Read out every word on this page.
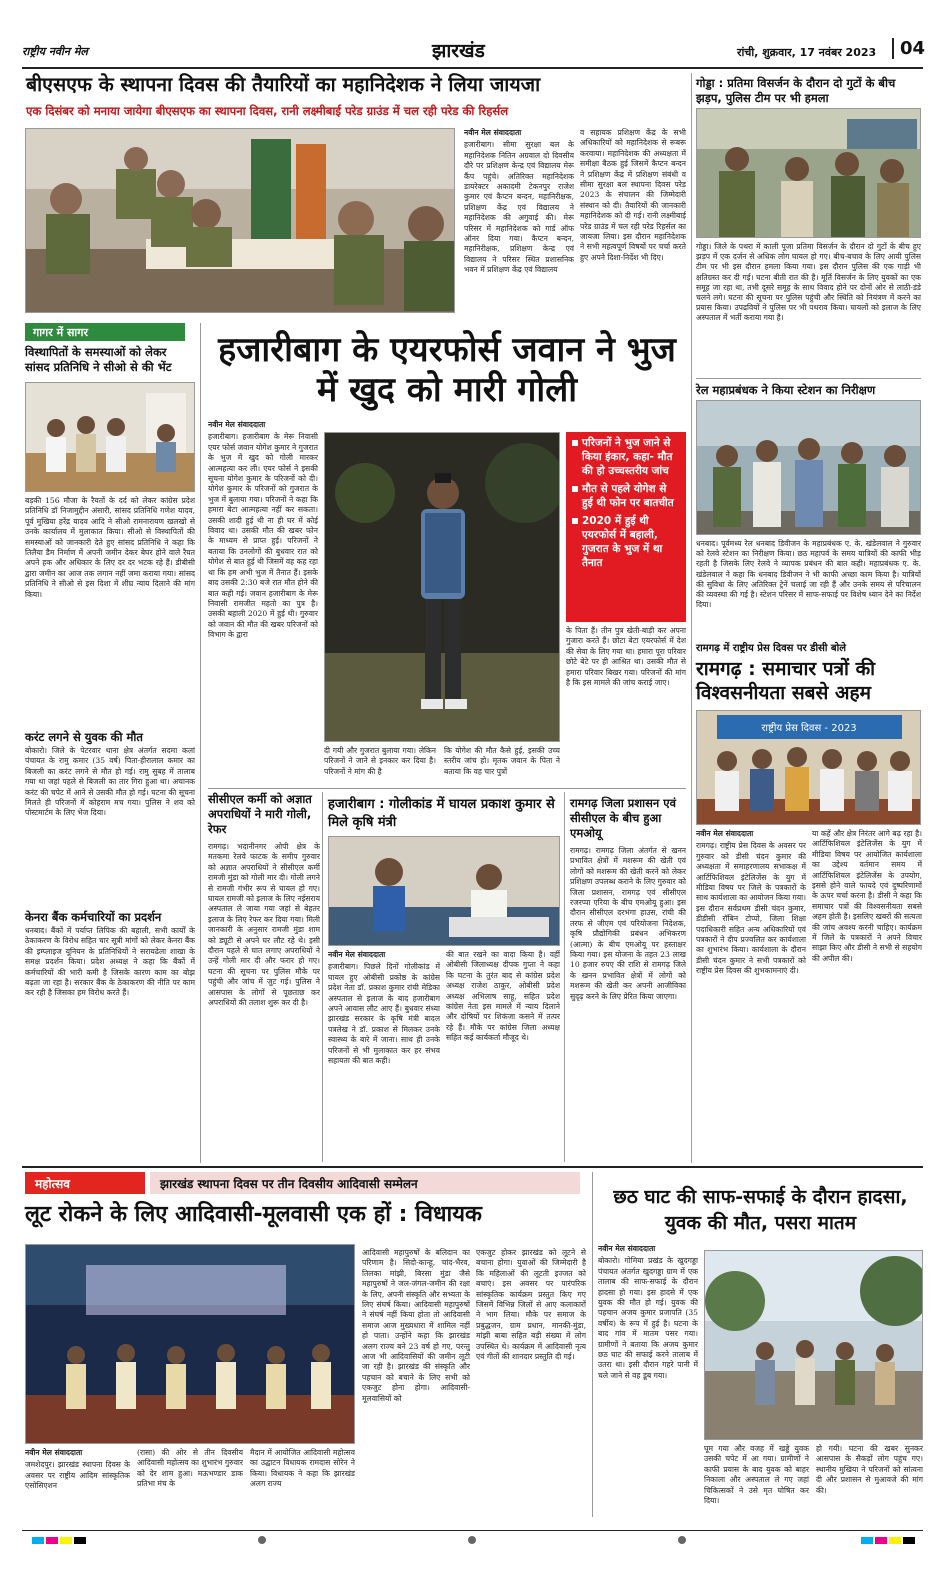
राष्ट्रीय नवीन मेल	झारखंड	रांची, शुक्रवार, 17 नवंबर 2023	04
बीएसएफ के स्थापना दिवस की तैयारियों का महानिदेशक ने लिया जायजा
एक दिसंबर को मनाया जायेगा बीएसएफ का स्थापना दिवस, रानी लक्ष्मीबाई परेड ग्राउंड में चल रही परेड की रिहर्सल

नवीन मेल संवाददाता

हजारीबाग। सीमा सुरक्षा बल के महानिदेशक नितिन अग्रवाल दो दिवसीय दौरे पर प्रशिक्षण केन्द्र एवं विद्यालय मेरू कैंप पहुंचे। अतिरिक्त महानिदेशक डायरेक्टर अकादमी टेकनपुर राजेश कुमार एवं कैप्टन बन्दन, महानिरीक्षक, प्रशिक्षण केंद्र एवं विद्यालय ने महानिदेशक की अगुवाई की। मेरू परिसर में महानिदेशक को गार्ड ऑफ ऑनर दिया गया। कैप्टन बन्दन, महानिरीक्षक, प्रशिक्षण केन्द्र एवं विद्यालय ने परिसर स्थित प्रशासनिक भवन में प्रशिक्षण केंद्र एवं विद्यालय

व सहायक प्रशिक्षण केंद्र के सभी अधिकारियों को महानिदेशक से रूबरू करवाया। महानिदेशक की अध्यक्षता में समीक्षा बैठक हुई जिसमें कैप्टन बन्दन ने प्रशिक्षण केंद्र में प्रशिक्षण संबंधी व सीमा सुरक्षा बल स्थापना दिवस परेड 2023 के संचालन की जिम्मेदारी संस्थान को दी। तैयारियों की जानकारी महानिदेशक को दी गई। रानी लक्ष्मीबाई परेड ग्राउंड में चल रही परेड रिहर्सल का जायजा लिया। इस दौरान महानिदेशक ने सभी महत्वपूर्ण विषयों पर चर्चा करते हुए अपने दिशा-निर्देश भी दिए।

गोड्डा : प्रतिमा विसर्जन के दौरान दो गुटों के बीच झड़प, पुलिस टीम पर भी हमला
गोड्डा। जिले के पथरा में काली पूजा प्रतिमा विसर्जन के दौरान दो गुटों के बीच हुए झड़प में एक दर्जन से अधिक लोग घायल हो गए। बीच-बचाव के लिए आयी पुलिस टीम पर भी इस दौरान हमला किया गया। इस दौरान पुलिस की एक गाड़ी भी क्षतिग्रस्त कर दी गई। घटना बीती रात की है। मूर्ति विसर्जन के लिए युवकों का एक समूह जा रहा था, तभी दूसरे समूह के साथ विवाद होने पर दोनों ओर से लाठी-डंडे चलने लगे। घटना की सूचना पर पुलिस पहुंची और स्थिति को नियंत्रण में करने का प्रयास किया। उपद्रवियों ने पुलिस पर भी पथराव किया। घायलों को इलाज के लिए अस्पताल में भर्ती कराया गया है।
रेल महाप्रबंधक ने किया स्टेशन का निरीक्षण
धनबाद। पूर्वमध्य रेल धनबाद डिवीजन के महाप्रबंधक ए. के. खंडेलवाल ने गुरुवार को रेलवे स्टेशन का निरीक्षण किया। छठ महापर्व के समय यात्रियों की काफी भीड़ रहती है जिसके लिए रेलवे ने व्यापक प्रबंधन की बात कही। महाप्रबंधक ए. के. खंडेलवाल ने कहा कि धनबाद डिवीजन ने भी काफी अच्छा काम किया है। यात्रियों की सुविधा के लिए अतिरिक्त ट्रेनें चलाई जा रही हैं और उनके समय से परिचालन की व्यवस्था की गई है। स्टेशन परिसर में साफ-सफाई पर विशेष ध्यान देने का निर्देश दिया।
रामगढ़ में राष्ट्रीय प्रेस दिवस पर डीसी बोले
रामगढ़ : समाचार पत्रों की विश्वसनीयता सबसे अहम
राष्ट्रीय प्रेस दिवस - 2023

नवीन मेल संवाददाता

रामगढ़। राष्ट्रीय प्रेस दिवस के अवसर पर गुरुवार को डीसी चंदन कुमार की अध्यक्षता में समाहरणालय सभाकक्ष में आर्टिफिशियल इंटेलिजेंस के युग में मीडिया विषय पर जिले के पत्रकारों के साथ कार्यशाला का आयोजन किया गया। इस दौरान सर्वप्रथम डीसी चंदन कुमार, डीडीसी रॉबिन टोप्पो, जिला शिक्षा पदाधिकारी सहित अन्य अधिकारियों एवं पत्रकारों ने दीप प्रज्वलित कर कार्यशाला का शुभारंभ किया। कार्यशाला के दौरान डीसी चंदन कुमार ने सभी पत्रकारों को राष्ट्रीय प्रेस दिवस की शुभकामनाएं दी।

या कहें और क्षेत्र निरंतर आगे बढ़ रहा है। आर्टिफिशियल इंटेलिजेंस के युग में मीडिया विषय पर आयोजित कार्यशाला का उद्देश्य वर्तमान समय में आर्टिफिशियल इंटेलिजेंस के उपयोग, इससे होने वाले फायदे एवं दुष्परिणामों के ऊपर चर्चा करना है। डीसी ने कहा कि समाचार पत्रों की विश्वसनीयता सबसे अहम होती है। इसलिए खबरों की सत्यता की जांच अवश्य करनी चाहिए। कार्यक्रम में जिले के पत्रकारों ने अपने विचार साझा किए और डीसी ने सभी से सहयोग की अपील की।

गागर में सागर
विस्थापितों के समस्याओं को लेकर सांसद प्रतिनिधि ने सीओ से की भेंट
बड़की 156 मौजा के रैयतों के दर्द को लेकर कांग्रेस प्रदेश प्रतिनिधि डॉ निजामुद्दीन अंसारी, सांसद प्रतिनिधि गणेश यादव, पूर्व मुखिया हरेंद्र यादव आदि ने सीओ रामनारायण खलखो से उनके कार्यालय में मुलाकात किया। सीओ से विस्थापितों की समस्याओं को जानकारी देते हुए सांसद प्रतिनिधि ने कहा कि तिलैया डैम निर्माण में अपनी जमीन देकर बेघर होने वाले रैयत अपने हक और अधिकार के लिए दर दर भटक रहे हैं। डीबीसी द्वारा जमीन का आज तक लगान नहीं जमा कराया गया। सांसद प्रतिनिधि ने सीओ से इस दिशा में शीघ्र न्याय दिलाने की मांग किया।
करंट लगने से युवक की मौत
बोकारो। जिले के पेटरवार थाना क्षेत्र अंतर्गत सदमा कलां पंचायत के रामु कमार (35 वर्ष) पिता-हीरालाल कमार का बिजली का करंट लगने से मौत हो गई। रामु सुबह में तालाब गया था जहां पहले से बिजली का तार गिरा हुआ था। अचानक करंट की चपेट में आने से उसकी मौत हो गई। घटना की सूचना मिलते ही परिजनों में कोहराम मच गया। पुलिस ने शव को पोस्टमार्टम के लिए भेज दिया।
केनरा बैंक कर्मचारियों का प्रदर्शन
धनबाद। बैंकों में पर्याप्त लिपिक की बहाली, सभी कार्यों के ठेकाकरण के विरोध सहित चार सूत्री मांगों को लेकर केनरा बैंक की इम्प्लाइज यूनियन के प्रतिनिधियों ने सरायढेला शाखा के समक्ष प्रदर्शन किया। प्रदेश अध्यक्ष ने कहा कि बैंकों में कर्मचारियों की भारी कमी है जिसके कारण काम का बोझ बढ़ता जा रहा है। सरकार बैंक के ठेकाकरण की नीति पर काम कर रही है जिसका हम विरोध करते हैं।
हजारीबाग के एयरफोर्स जवान ने भुज में खुद को मारी गोली

नवीन मेल संवाददाता

हजारीबाग। हजारीबाग के मेरू निवासी एयर फोर्स जवान योगेश कुमार ने गुजरात के भुज में खुद को गोली मारकर आत्महत्या कर ली। एयर फोर्स ने इसकी सूचना योगेश कुमार के परिजनों को दी। योगेश कुमार के परिजनों को गुजरात के भुज में बुलाया गया। परिजनों ने कहा कि हमारा बेटा आत्महत्या नहीं कर सकता। उसकी शादी हुई थी ना ही घर में कोई विवाद था। उसकी मौत की खबर फोन के माध्यम से प्राप्त हुई। परिजनों ने बताया कि उनलोगों की बुधवार रात को योगेश से बात हुई थी जिसमें वह कह रहा था कि हम अभी भुज में तैनात हैं। इसके बाद उसकी 2:30 बजे रात मौत होने की बात कही गई। जवान हजारीबाग के मेरू निवासी रामजीत महतो का पुत्र है। उसकी बहाली 2020 में हुई थी। गुरुवार को जवान की मौत की खबर परिजनों को विभाग के द्वारा

परिजनों ने भुज जाने से किया इंकार, कहा- मौत की हो उच्चस्तरीय जांच
मौत से पहले योगेश से हुई थी फोन पर बातचीत
2020 में हुई थी एयरफोर्स में बहाली, गुजरात के भुज में था तैनात
दी गयी और गुजरात बुलाया गया। लेकिन परिजनों ने जाने से इनकार कर दिया है। परिजनों ने मांग की है
कि योगेश की मौत कैसे हुई, इसकी उच्च स्तरीय जांच हो। मृतक जवान के पिता ने बताया कि वह चार पुत्रों
के पिता हैं। तीन पुत्र खेती-बाड़ी कर अपना गुजारा करते हैं। छोटा बेटा एयरफोर्स में देश की सेवा के लिए गया था। हमारा पूरा परिवार छोटे बेटे पर ही आश्रित था। उसकी मौत से हमारा परिवार बिखर गया। परिजनों की मांग है कि इस मामले की जांच कराई जाए।
सीसीएल कर्मी को अज्ञात अपराधियों ने मारी गोली, रेफर
रामगढ़। भदानीनगर ओपी क्षेत्र के मतकमा रेलवे फाटक के समीप गुरुवार को अज्ञात अपराधियों ने सीसीएल कर्मी रामजी मुंडा को गोली मार दी। गोली लगने से रामजी गंभीर रूप से घायल हो गए। घायल रामजी को इलाज के लिए नईसराय अस्पताल ले जाया गया जहां से बेहतर इलाज के लिए रेफर कर दिया गया। मिली जानकारी के अनुसार रामजी मुंडा शाम को ड्यूटी से अपने घर लौट रहे थे। इसी दौरान पहले से घात लगाए अपराधियों ने उन्हें गोली मार दी और फरार हो गए। घटना की सूचना पर पुलिस मौके पर पहुंची और जांच में जुट गई। पुलिस ने आसपास के लोगों से पूछताछ कर अपराधियों की तलाश शुरू कर दी है।
हजारीबाग : गोलीकांड में घायल प्रकाश कुमार से मिले कृषि मंत्री

नवीन मेल संवाददाता

हजारीबाग। पिछले दिनों गोलीकांड में घायल हुए ओबीसी प्रकोष्ठ के कांग्रेस प्रदेश नेता डॉ. प्रकाश कुमार रांची मेडिका अस्पताल से इलाज के बाद हजारीबाग अपने आवास लौट आए हैं। बुधवार संध्या झारखंड सरकार के कृषि मंत्री बादल पत्रलेख ने डॉ. प्रकाश से मिलकर उनके स्वास्थ्य के बारे में जाना। साथ ही उनके परिजनों से भी मुलाकात कर हर संभव सहायता की बात कही।

की बात रखने का वादा किया है। वहीं ओबीसी जिलाध्यक्ष दीपक गुप्ता ने कहा कि घटना के तुरंत बाद से कांग्रेस प्रदेश अध्यक्ष राजेश ठाकुर, ओबीसी प्रदेश अध्यक्ष अभिलाष साहू, सहित प्रदेश कांग्रेस नेता इस मामले में न्याय दिलाने और दोषियों पर शिकंजा कसने में तत्पर रहे हैं। मौके पर कांग्रेस जिला अध्यक्ष सहित कई कार्यकर्ता मौजूद थे।
रामगढ़ जिला प्रशासन एवं सीसीएल के बीच हुआ एमओयू
रामगढ़। रामगढ़ जिला अंतर्गत से खनन प्रभावित क्षेत्रों में मशरूम की खेती एवं लोगों को मशरूम की खेती करने को लेकर प्रशिक्षण उपलब्ध कराने के लिए गुरुवार को जिला प्रशासन, रामगढ़ एवं सीसीएल रजरप्पा एरिया के बीच एमओयू हुआ। इस दौरान सीसीएल दरभंगा हाउस, रांची की तरफ से जीएम एवं परियोजना निदेशक, कृषि प्रौद्योगिकी प्रबंधन अभिकरण (आत्मा) के बीच एमओयू पर हस्ताक्षर किया गया। इस योजना के तहत 23 लाख 10 हजार रुपए की राशि से रामगढ़ जिले के खनन प्रभावित क्षेत्रों में लोगों को मशरूम की खेती कर अपनी आजीविका सुदृढ़ करने के लिए प्रेरित किया जाएगा।
महोत्सव	झारखंड स्थापना दिवस पर तीन दिवसीय आदिवासी सम्मेलन
लूट रोकने के लिए आदिवासी-मूलवासी एक हों : विधायक

नवीन मेल संवाददाता

जमशेदपुर। झारखंड स्थापना दिवस के अवसर पर राष्ट्रीय आदिम सांस्कृतिक एसोसिएशन

(रासा) की ओर से तीन दिवसीय आदिवासी महोत्सव का शुभारंभ गुरुवार को देर शाम हुआ। मऊभण्डार डाक प्रतिभा मंच के
मैदान में आयोजित आदिवासी महोत्सव का उद्घाटन विधायक रामदास सोरेन ने किया। विधायक ने कहा कि झारखंड अलग राज्य
आदिवासी महापुरुषों के बलिदान का परिणाम है। सिदो-कान्हू, चांद-भैरव, तिलका मांझी, बिरसा मुंडा जैसे महापुरुषों ने जल-जंगल-जमीन की रक्षा के लिए, अपनी संस्कृति और सभ्यता के लिए संघर्ष किया। आदिवासी महापुरुषों ने संघर्ष नहीं किया होता तो आदिवासी समाज आज मुख्यधारा में शामिल नहीं हो पाता। उन्होंने कहा कि झारखंड अलग राज्य बने 23 वर्ष हो गए, परन्तु आज भी आदिवासियों की जमीन लूटी जा रही है। झारखंड की संस्कृति और पहचान को बचाने के लिए सभी को एकजुट होना होगा। आदिवासी-मूलवासियों को
एकजुट होकर झारखंड को लूटने से बचाना होगा। युवाओं की जिम्मेदारी है कि महिलाओं की लूटती इज्जत को बचाएं। इस अवसर पर पारंपरिक सांस्कृतिक कार्यक्रम प्रस्तुत किए गए जिसमें विभिन्न जिलों से आए कलाकारों ने भाग लिया। मौके पर समाज के प्रबुद्धजन, ग्राम प्रधान, मानकी-मुंडा, मांझी बाबा सहित बड़ी संख्या में लोग उपस्थित थे। कार्यक्रम में आदिवासी नृत्य एवं गीतों की शानदार प्रस्तुति दी गई।
छठ घाट की साफ-सफाई के दौरान हादसा, युवक की मौत, पसरा मातम

नवीन मेल संवाददाता

बोकारो। गोमिया प्रखंड के खुदगड्डा पंचायत अंतर्गत खुदगड्डा ग्राम में एक तालाब की साफ-सफाई के दौरान हादसा हो गया। इस हादसे में एक युवक की मौत हो गई। युवक की पहचान अजय कुमार प्रजापति (35 वर्षीय) के रूप में हुई है। घटना के बाद गांव में मातम पसर गया। ग्रामीणों ने बताया कि अजय कुमार छठ घाट की सफाई करने तालाब में उतरा था। इसी दौरान गहरे पानी में चले जाने से वह डूब गया।

घूम गया और वजह में खड्डे युवक उसकी चपेट में आ गया। ग्रामीणों ने काफी प्रयास के बाद युवक को बाहर निकाला और अस्पताल ले गए जहां चिकित्सकों ने उसे मृत घोषित कर दिया।
हो गयी। घटना की खबर सुनकर आसपास के सैकड़ों लोग पहुंच गए। स्थानीय मुखिया ने परिजनों को सांत्वना दी और प्रशासन से मुआवजे की मांग की।
